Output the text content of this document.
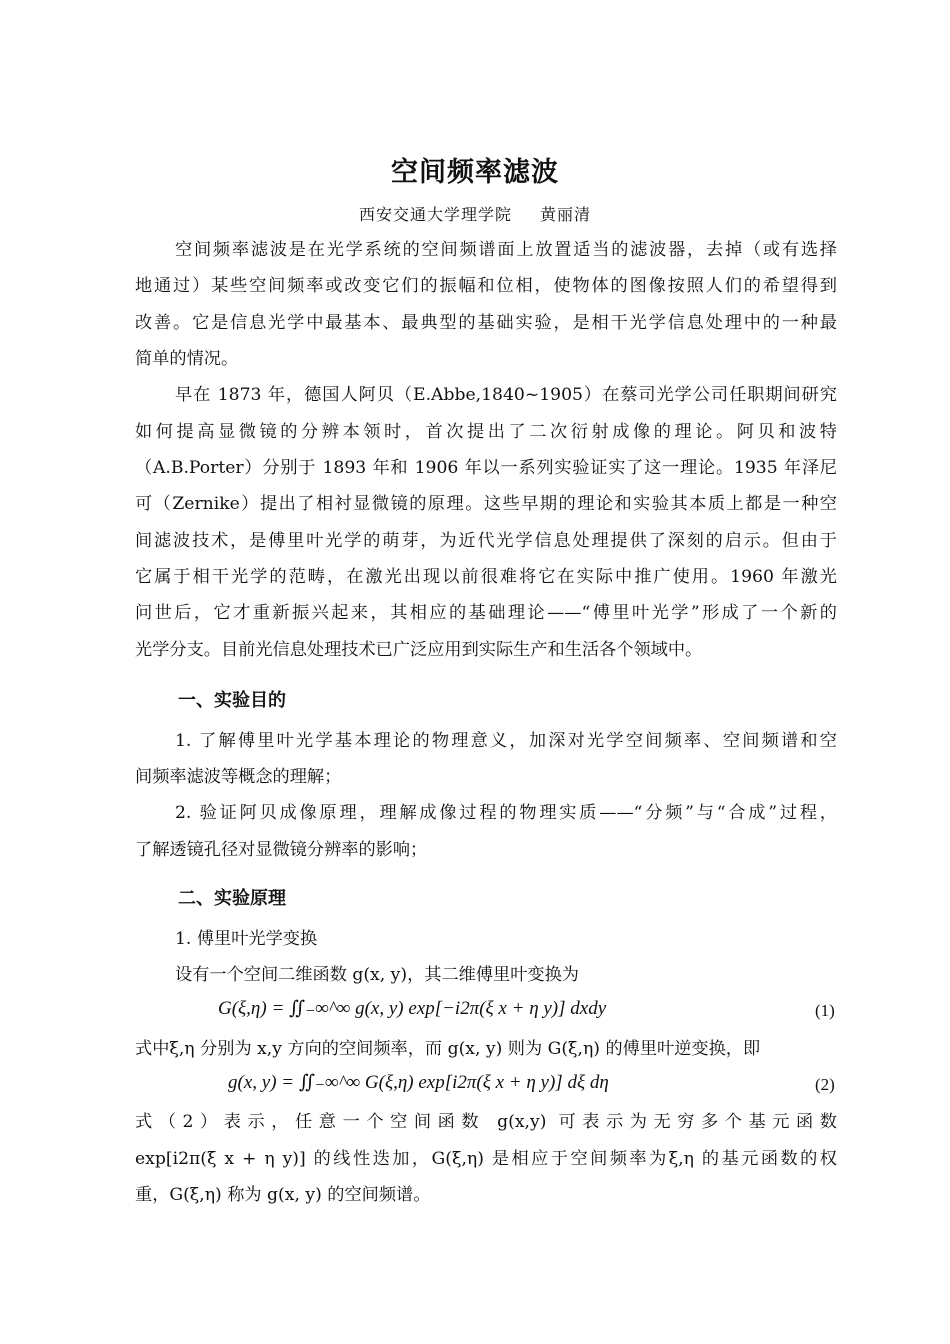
空间频率滤波
西安交通大学理学院 黄丽清
空间频率滤波是在光学系统的空间频谱面上放置适当的滤波器，去掉（或有选择
地通过）某些空间频率或改变它们的振幅和位相，使物体的图像按照人们的希望得到
改善。它是信息光学中最基本、最典型的基础实验，是相干光学信息处理中的一种最
简单的情况。
早在 1873 年，德国人阿贝（E.Abbe,1840~1905）在蔡司光学公司任职期间研究
如何提高显微镜的分辨本领时，首次提出了二次衍射成像的理论。阿贝和波特
（A.B.Porter）分别于 1893 年和 1906 年以一系列实验证实了这一理论。1935 年泽尼
可（Zernike）提出了相衬显微镜的原理。这些早期的理论和实验其本质上都是一种空
间滤波技术，是傅里叶光学的萌芽，为近代光学信息处理提供了深刻的启示。但由于
它属于相干光学的范畴，在激光出现以前很难将它在实际中推广使用。1960 年激光
问世后，它才重新振兴起来，其相应的基础理论——“傅里叶光学”形成了一个新的
光学分支。目前光信息处理技术已广泛应用到实际生产和生活各个领域中。
一、实验目的
1. 了解傅里叶光学基本理论的物理意义，加深对光学空间频率、空间频谱和空
间频率滤波等概念的理解；
2. 验证阿贝成像原理，理解成像过程的物理实质——“分频”与“合成”过程，
了解透镜孔径对显微镜分辨率的影响；
二、实验原理
1. 傅里叶光学变换
设有一个空间二维函数 g(x, y)，其二维傅里叶变换为
G(ξ,η) = ∬₋∞^∞ g(x, y) exp[−i2π(ξ x + η y)] dxdy	(1)
式中ξ,η 分别为 x,y 方向的空间频率，而 g(x, y) 则为 G(ξ,η) 的傅里叶逆变换，即
g(x, y) = ∬₋∞^∞ G(ξ,η) exp[i2π(ξ x + η y)] dξ dη	(2)
式（2）表示，任意一个空间函数 g(x,y) 可表示为无穷多个基元函数
exp[i2π(ξ x + η y)] 的线性迭加，G(ξ,η) 是相应于空间频率为ξ,η 的基元函数的权
重，G(ξ,η) 称为 g(x, y) 的空间频谱。
